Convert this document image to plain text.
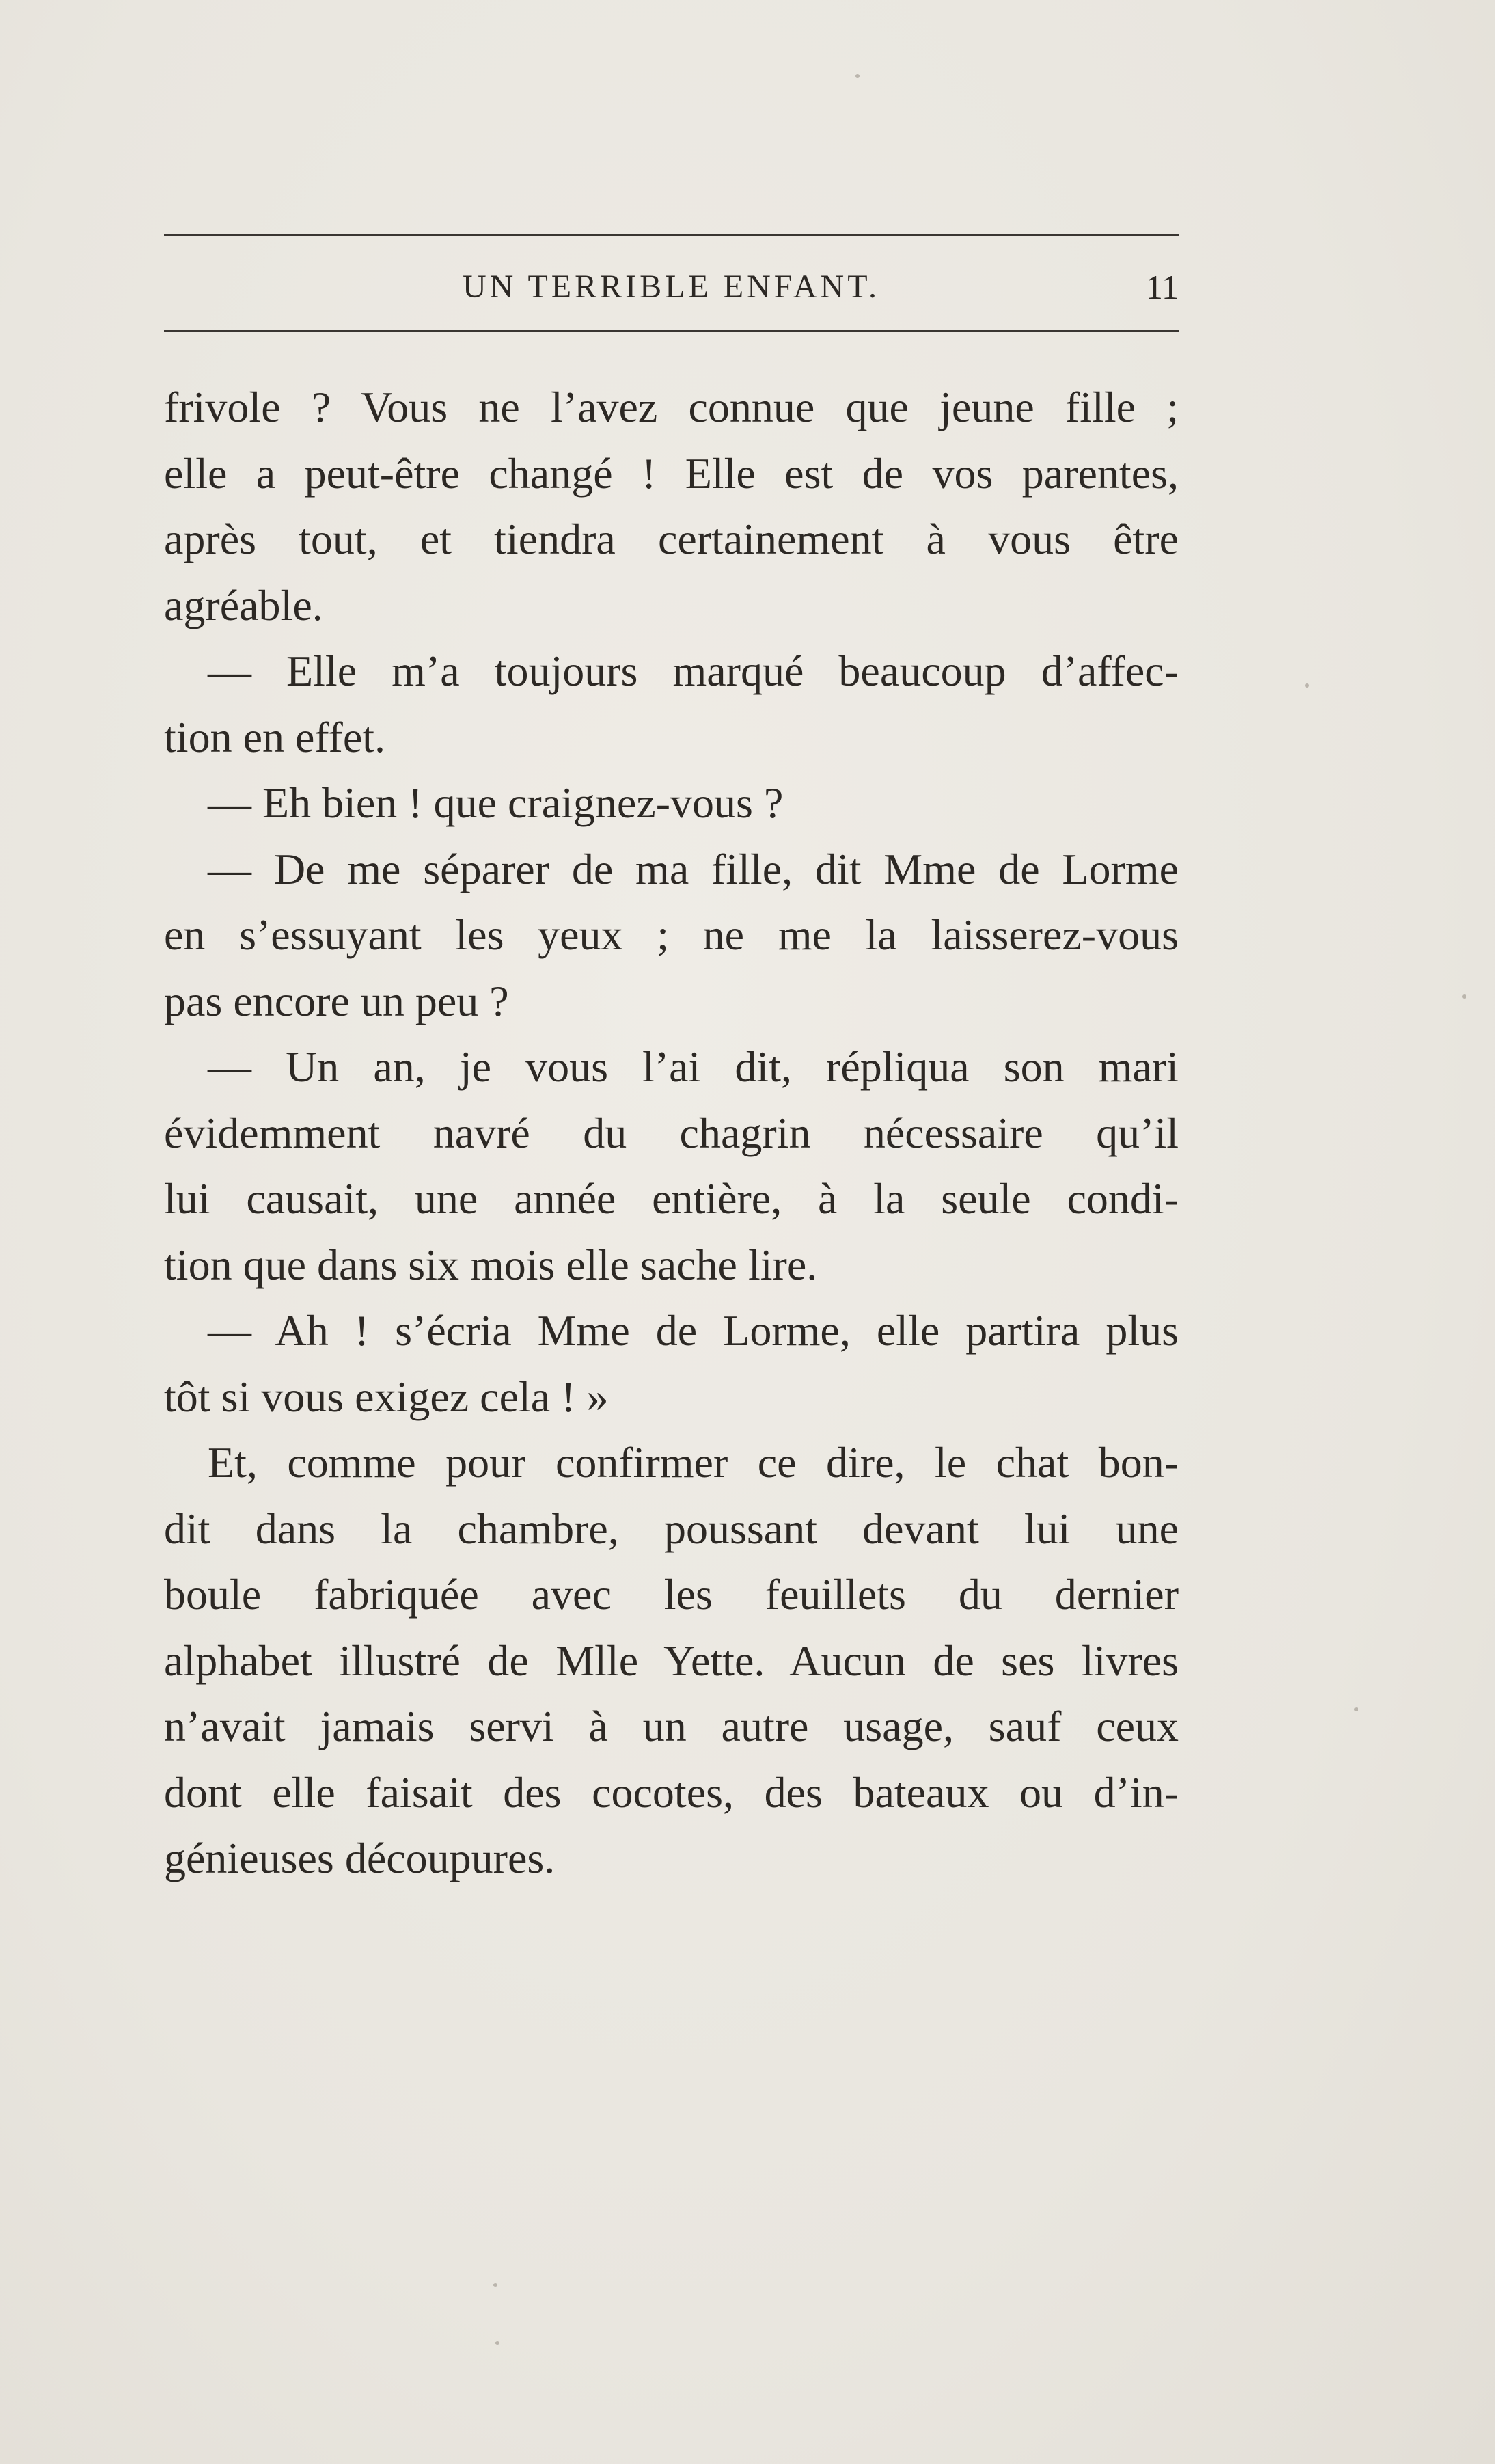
UN TERRIBLE ENFANT.	11
frivole ? Vous ne l’avez connue que jeune fille ;
elle a peut-être changé ! Elle est de vos parentes,
après tout, et tiendra certainement à vous être
agréable.
— Elle m’a toujours marqué beaucoup d’affec-
tion en effet.
— Eh bien ! que craignez-vous ?
— De me séparer de ma fille, dit Mme de Lorme
en s’essuyant les yeux ; ne me la laisserez-vous
pas encore un peu ?
— Un an, je vous l’ai dit, répliqua son mari
évidemment navré du chagrin nécessaire qu’il
lui causait, une année entière, à la seule condi-
tion que dans six mois elle sache lire.
— Ah ! s’écria Mme de Lorme, elle partira plus
tôt si vous exigez cela ! »
Et, comme pour confirmer ce dire, le chat bon-
dit dans la chambre, poussant devant lui une
boule fabriquée avec les feuillets du dernier
alphabet illustré de Mlle Yette. Aucun de ses livres
n’avait jamais servi à un autre usage, sauf ceux
dont elle faisait des cocotes, des bateaux ou d’in-
génieuses découpures.
